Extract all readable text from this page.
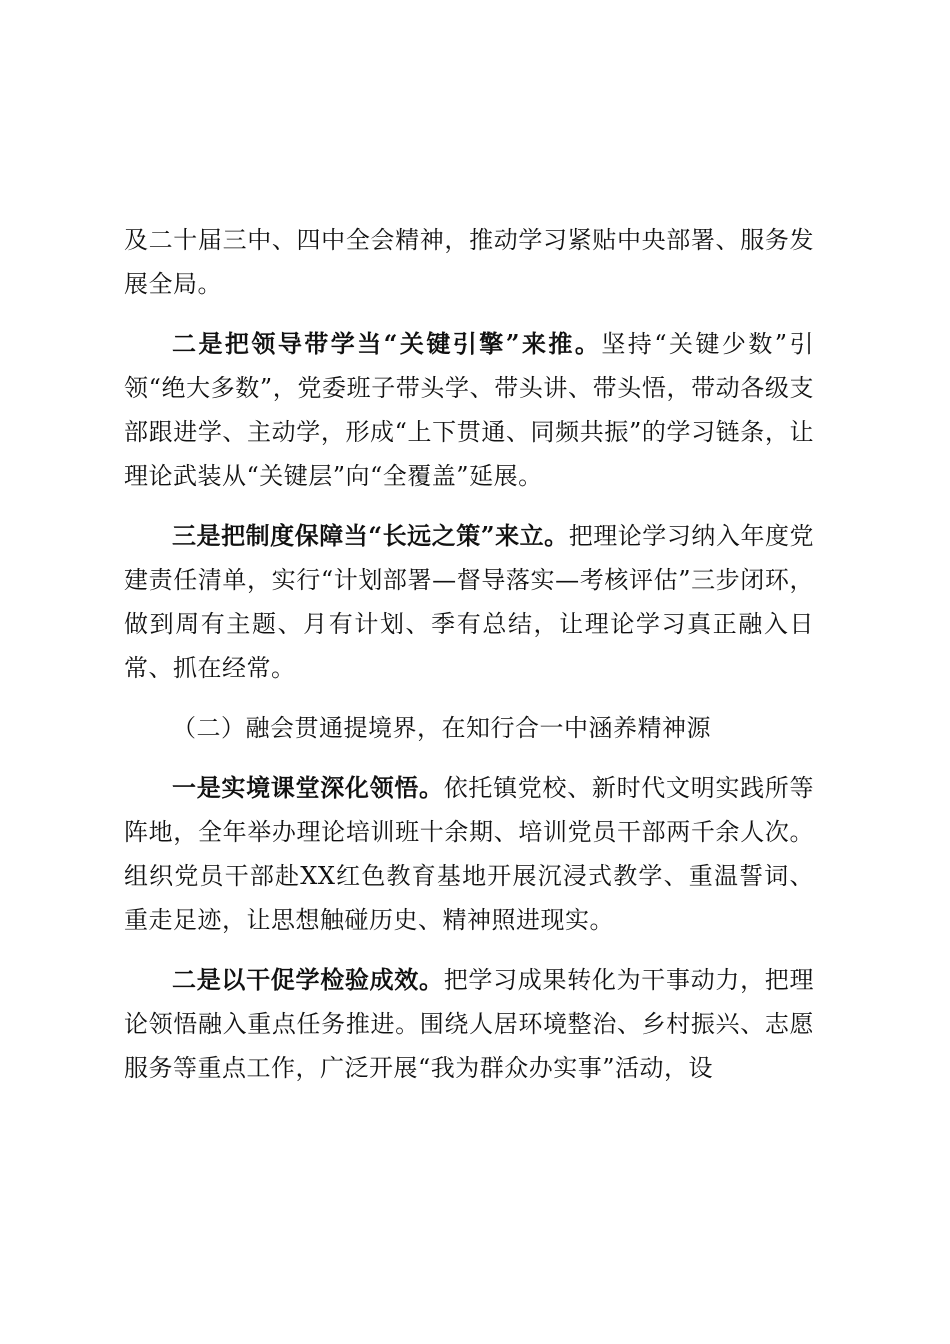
及二十届三中、四中全会精神，推动学习紧贴中央部署、服务发展全局。

二是把领导带学当“关键引擎”来推。坚持“关键少数”引领“绝大多数”，党委班子带头学、带头讲、带头悟，带动各级支部跟进学、主动学，形成“上下贯通、同频共振”的学习链条，让理论武装从“关键层”向“全覆盖”延展。

三是把制度保障当“长远之策”来立。把理论学习纳入年度党建责任清单，实行“计划部署—督导落实—考核评估”三步闭环，做到周有主题、月有计划、季有总结，让理论学习真正融入日常、抓在经常。

（二）融会贯通提境界，在知行合一中涵养精神源

一是实境课堂深化领悟。依托镇党校、新时代文明实践所等阵地，全年举办理论培训班十余期、培训党员干部两千余人次。组织党员干部赴XX红色教育基地开展沉浸式教学、重温誓词、重走足迹，让思想触碰历史、精神照进现实。

二是以干促学检验成效。把学习成果转化为干事动力，把理论领悟融入重点任务推进。围绕人居环境整治、乡村振兴、志愿服务等重点工作，广泛开展“我为群众办实事”活动，设
